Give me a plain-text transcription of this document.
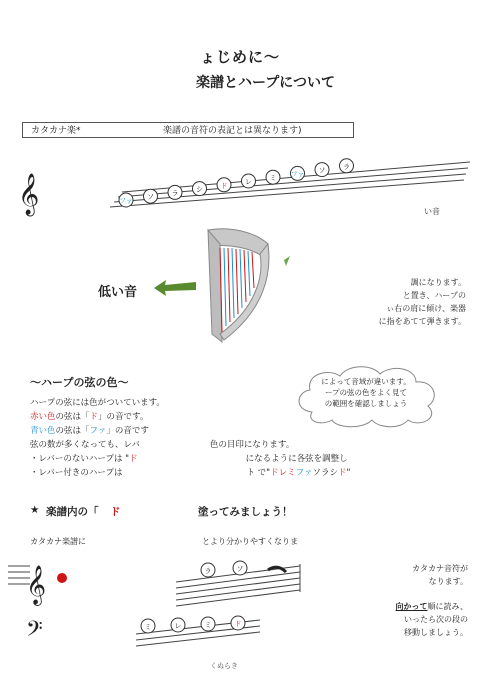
ょじめに〜
楽譜とハープについて
カタカナ楽*	楽譜の音符の表記とは異なります)
𝄞	ファ ソ	ラ	シ	ド	レ	ミ ファ ソ	ラ
い音
低い音
調になります。
と置き、ハープの
ぃ右の肩に傾け、楽器
に指をあてて弾きます。
〜ハープの弦の色〜	によって音域が違います。
ープの弦の色をよく見て
の範囲を確認しましょう
ハープの弦には色がついています。
赤い色の弦は「ド」の音です。
青い色の弦は「ファ」の音です
弦の数が多くなっても、レバ	色の目印になります。
・レバーのないハープは "ド	になるように各弦を調整し
・レバー付きのハープは	ト で"ドレミファソラシド"
★ 楽譜内の「 ド	塗ってみましょう！
カタカナ楽譜に	とより分かりやすくなりま
𝄞	ラ	ソ
𝄢	ミ	レ	ミ	ド
カタカナ音符が
なります。
向かって順に読み、
いったら次の段の
移動しましょう。
くぬらき
